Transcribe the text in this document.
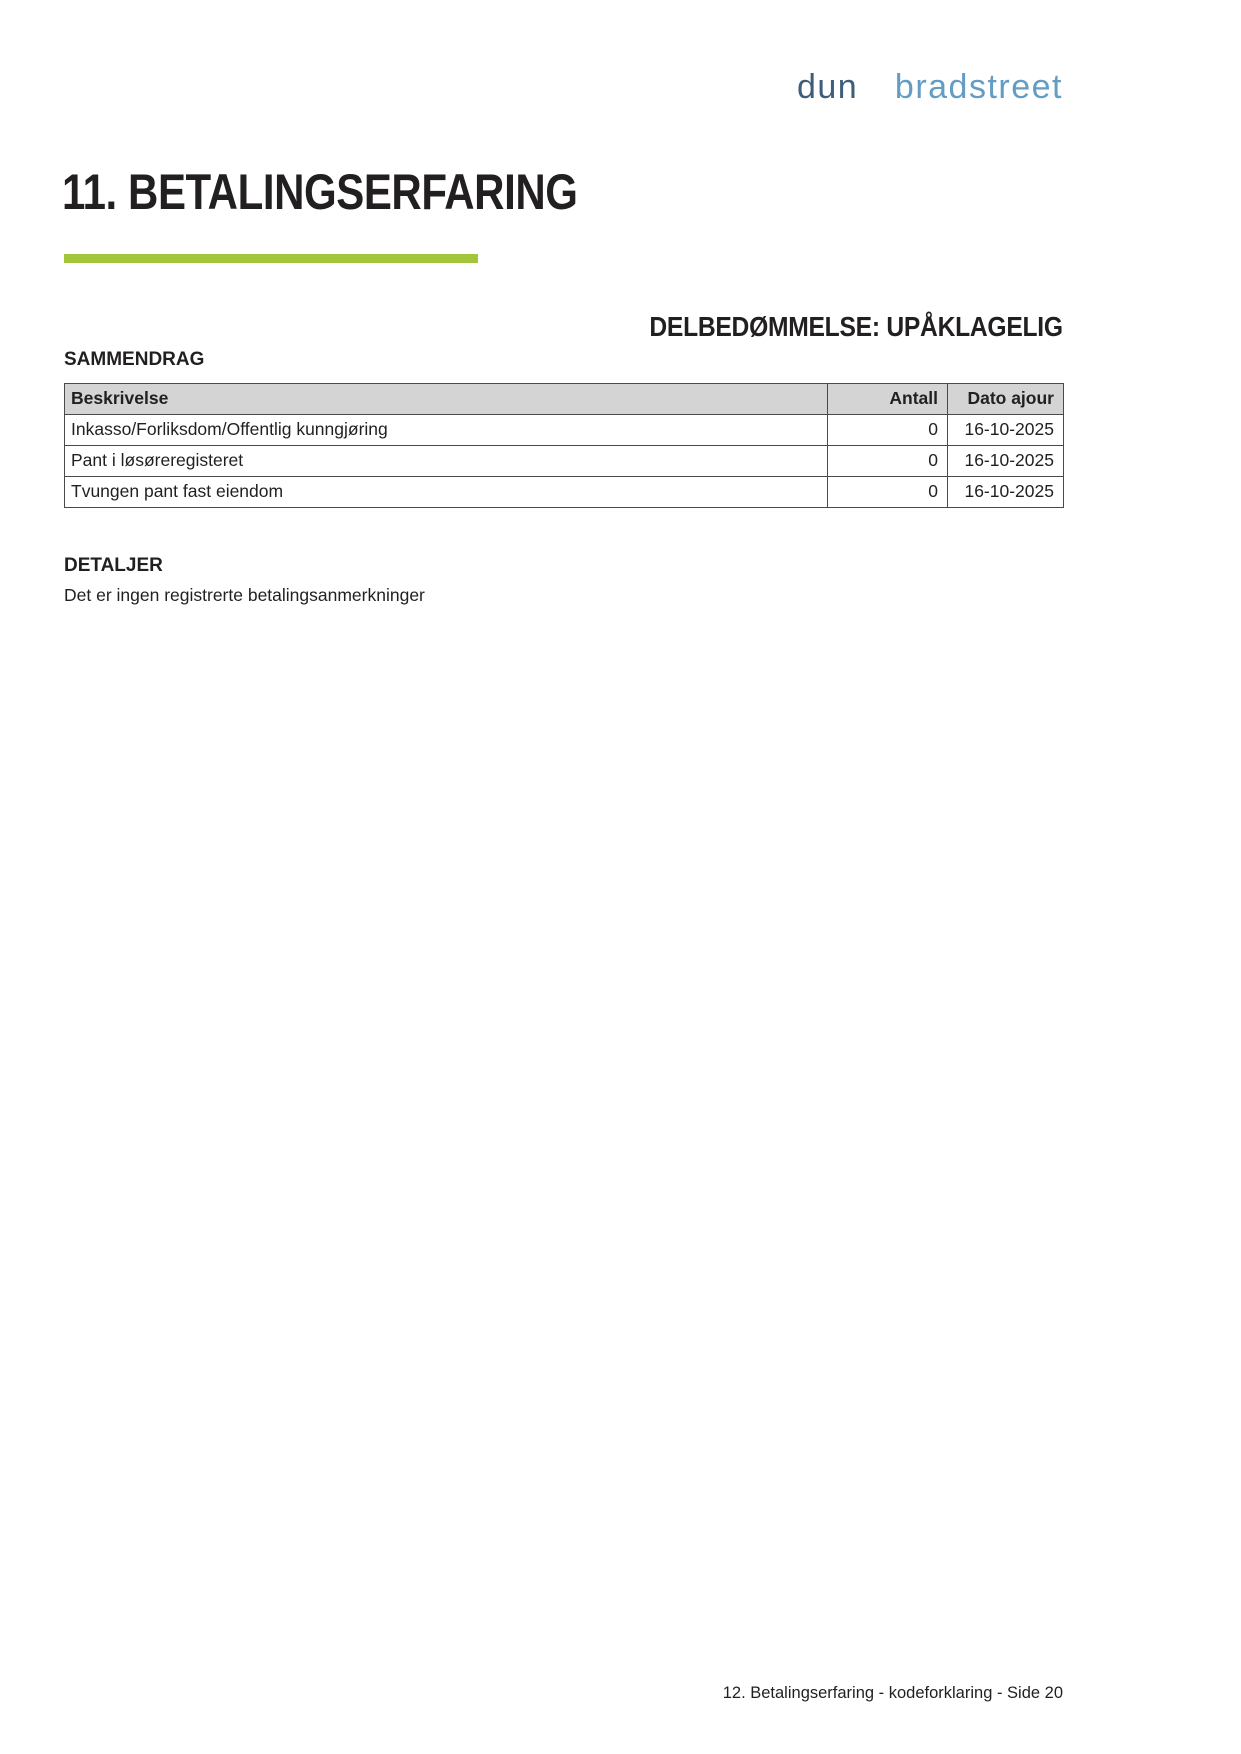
dun & bradstreet
11. BETALINGSERFARING
DELBEDØMMELSE: UPÅKLAGELIG
SAMMENDRAG
Beskrivelse	Antall	Dato ajour
Inkasso/Forliksdom/Offentlig kunngjøring	0	16-10-2025
Pant i løsøreregisteret	0	16-10-2025
Tvungen pant fast eiendom	0	16-10-2025
DETALJER

Det er ingen registrerte betalingsanmerkninger

12. Betalingserfaring - kodeforklaring - Side 20
